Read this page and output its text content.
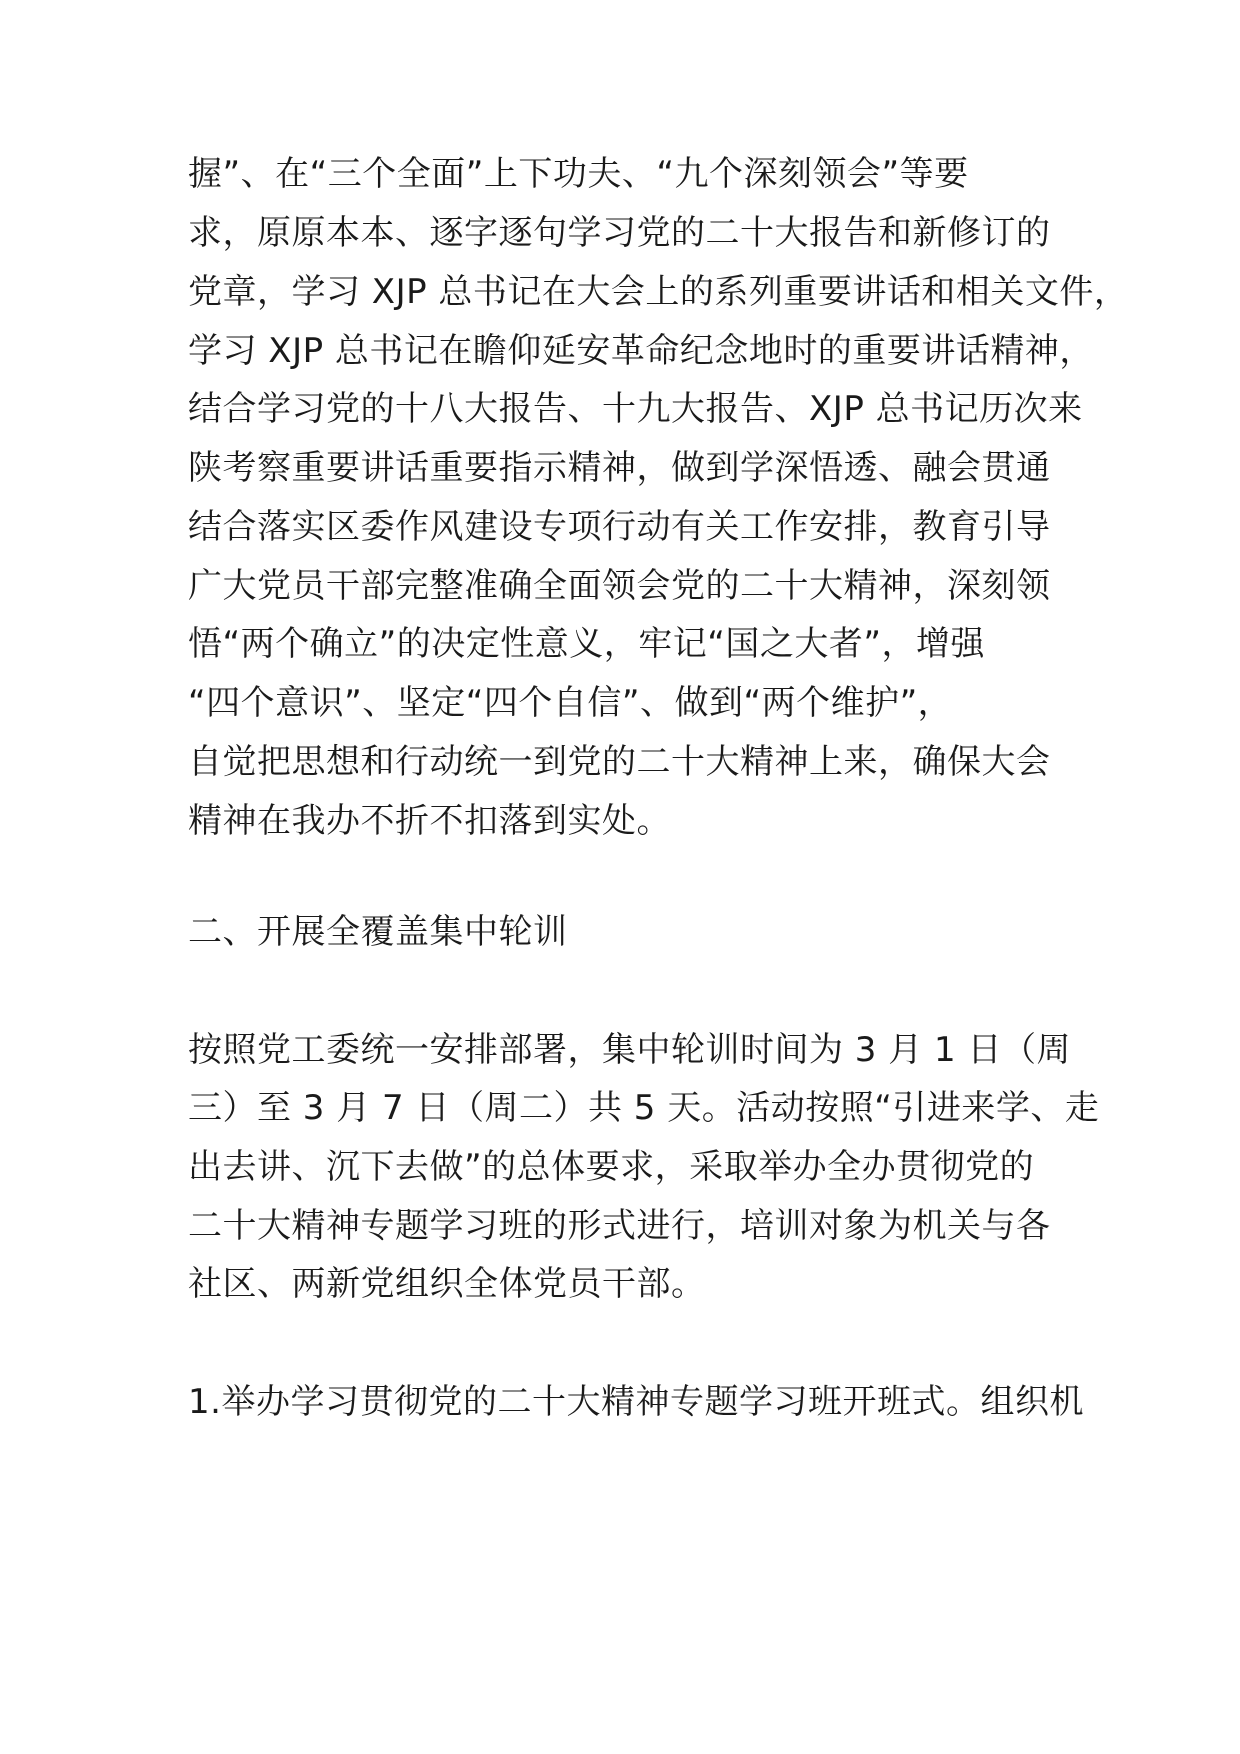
握”、在“三个全面”上下功夫、“九个深刻领会”等要

求，原原本本、逐字逐句学习党的二十大报告和新修订的

党章，学习 XJP 总书记在大会上的系列重要讲话和相关文件，

学习 XJP 总书记在瞻仰延安革命纪念地时的重要讲话精神，

结合学习党的十八大报告、十九大报告、XJP 总书记历次来

陕考察重要讲话重要指示精神，做到学深悟透、融会贯通

结合落实区委作风建设专项行动有关工作安排，教育引导

广大党员干部完整准确全面领会党的二十大精神，深刻领

悟“两个确立”的决定性意义，牢记“国之大者”，增强

“四个意识”、坚定“四个自信”、做到“两个维护”，

自觉把思想和行动统一到党的二十大精神上来，确保大会

精神在我办不折不扣落到实处。

二、开展全覆盖集中轮训

按照党工委统一安排部署，集中轮训时间为 3 月 1 日（周

三）至 3 月 7 日（周二）共 5 天。活动按照“引进来学、走

出去讲、沉下去做”的总体要求，采取举办全办贯彻党的

二十大精神专题学习班的形式进行，培训对象为机关与各

社区、两新党组织全体党员干部。

1.举办学习贯彻党的二十大精神专题学习班开班式。组织机
